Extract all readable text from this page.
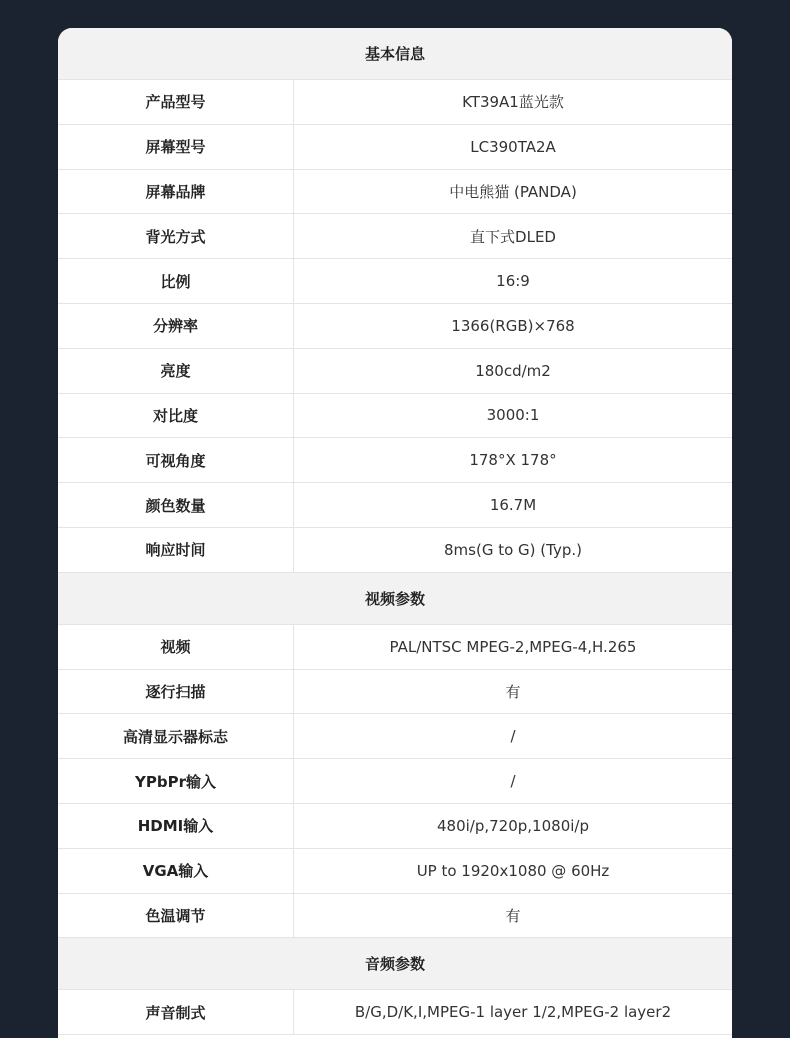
基本信息
产品型号	KT39A1蓝光款
屏幕型号	LC390TA2A
屏幕品牌	中电熊猫 (PANDA)
背光方式	直下式DLED
比例	16:9
分辨率	1366(RGB)×768
亮度	180cd/m2
对比度	3000:1
可视角度	178°X 178°
颜色数量	16.7M
响应时间	8ms(G to G) (Typ.)
视频参数
视频	PAL/NTSC MPEG-2,MPEG-4,H.265
逐行扫描	有
高清显示器标志	/
YPbPr输入	/
HDMI输入	480i/p,720p,1080i/p
VGA输入	UP to 1920x1080 @ 60Hz
色温调节	有
音频参数
声音制式	B/G,D/K,I,MPEG-1 layer 1/2,MPEG-2 layer2
